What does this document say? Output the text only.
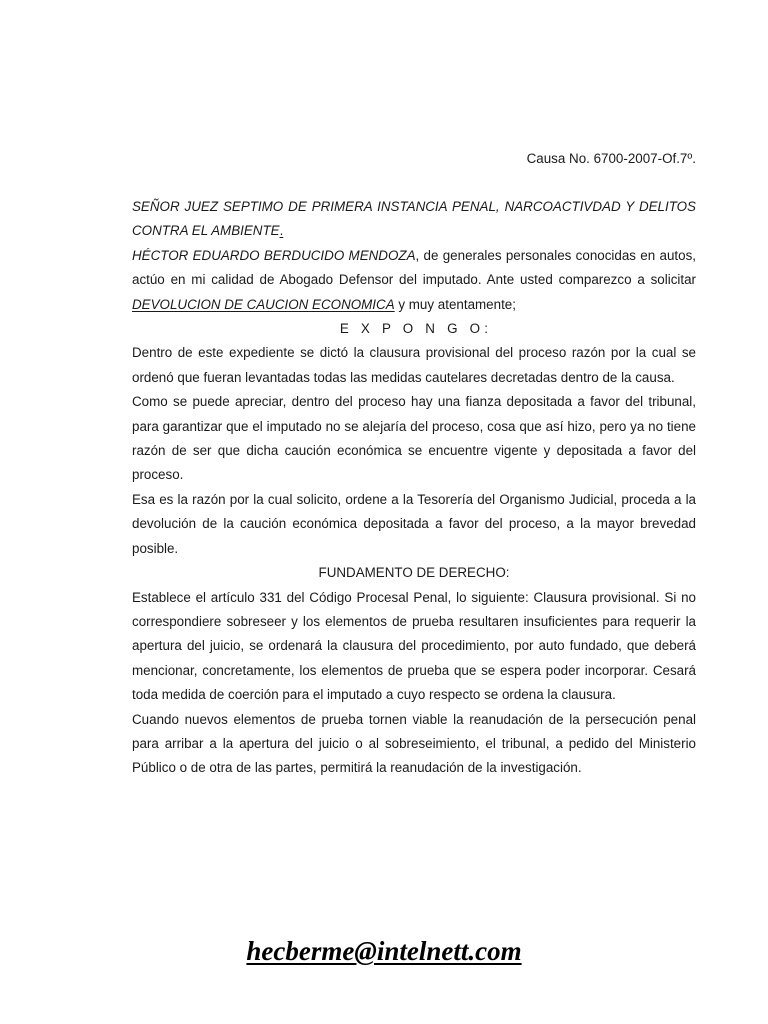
Causa No. 6700-2007-Of.7º.

SEÑOR JUEZ SEPTIMO DE PRIMERA INSTANCIA PENAL, NARCOACTIVDAD Y DELITOS CONTRA EL AMBIENTE.

HÉCTOR EDUARDO BERDUCIDO MENDOZA, de generales personales conocidas en autos, actúo en mi calidad de Abogado Defensor del imputado. Ante usted comparezco a solicitar DEVOLUCION DE CAUCION ECONOMICA y muy atentamente;

E X P O N G O:

Dentro de este expediente se dictó la clausura provisional del proceso razón por la cual se ordenó que fueran levantadas todas las medidas cautelares decretadas dentro de la causa.

Como se puede apreciar, dentro del proceso hay una fianza depositada a favor del tribunal, para garantizar que el imputado no se alejaría del proceso, cosa que así hizo, pero ya no tiene razón de ser que dicha caución económica se encuentre vigente y depositada a favor del proceso.

Esa es la razón por la cual solicito, ordene a la Tesorería del Organismo Judicial, proceda a la devolución de la caución económica depositada a favor del proceso, a la mayor brevedad posible.

FUNDAMENTO DE DERECHO:

Establece el artículo 331 del Código Procesal Penal, lo siguiente: Clausura provisional. Si no correspondiere sobreseer y los elementos de prueba resultaren insuficientes para requerir la apertura del juicio, se ordenará la clausura del procedimiento, por auto fundado, que deberá mencionar, concretamente, los elementos de prueba que se espera poder incorporar. Cesará toda medida de coerción para el imputado a cuyo respecto se ordena la clausura.

Cuando nuevos elementos de prueba tornen viable la reanudación de la persecución penal para arribar a la apertura del juicio o al sobreseimiento, el tribunal, a pedido del Ministerio Público o de otra de las partes, permitirá la reanudación de la investigación.

hecberme@intelnett.com
